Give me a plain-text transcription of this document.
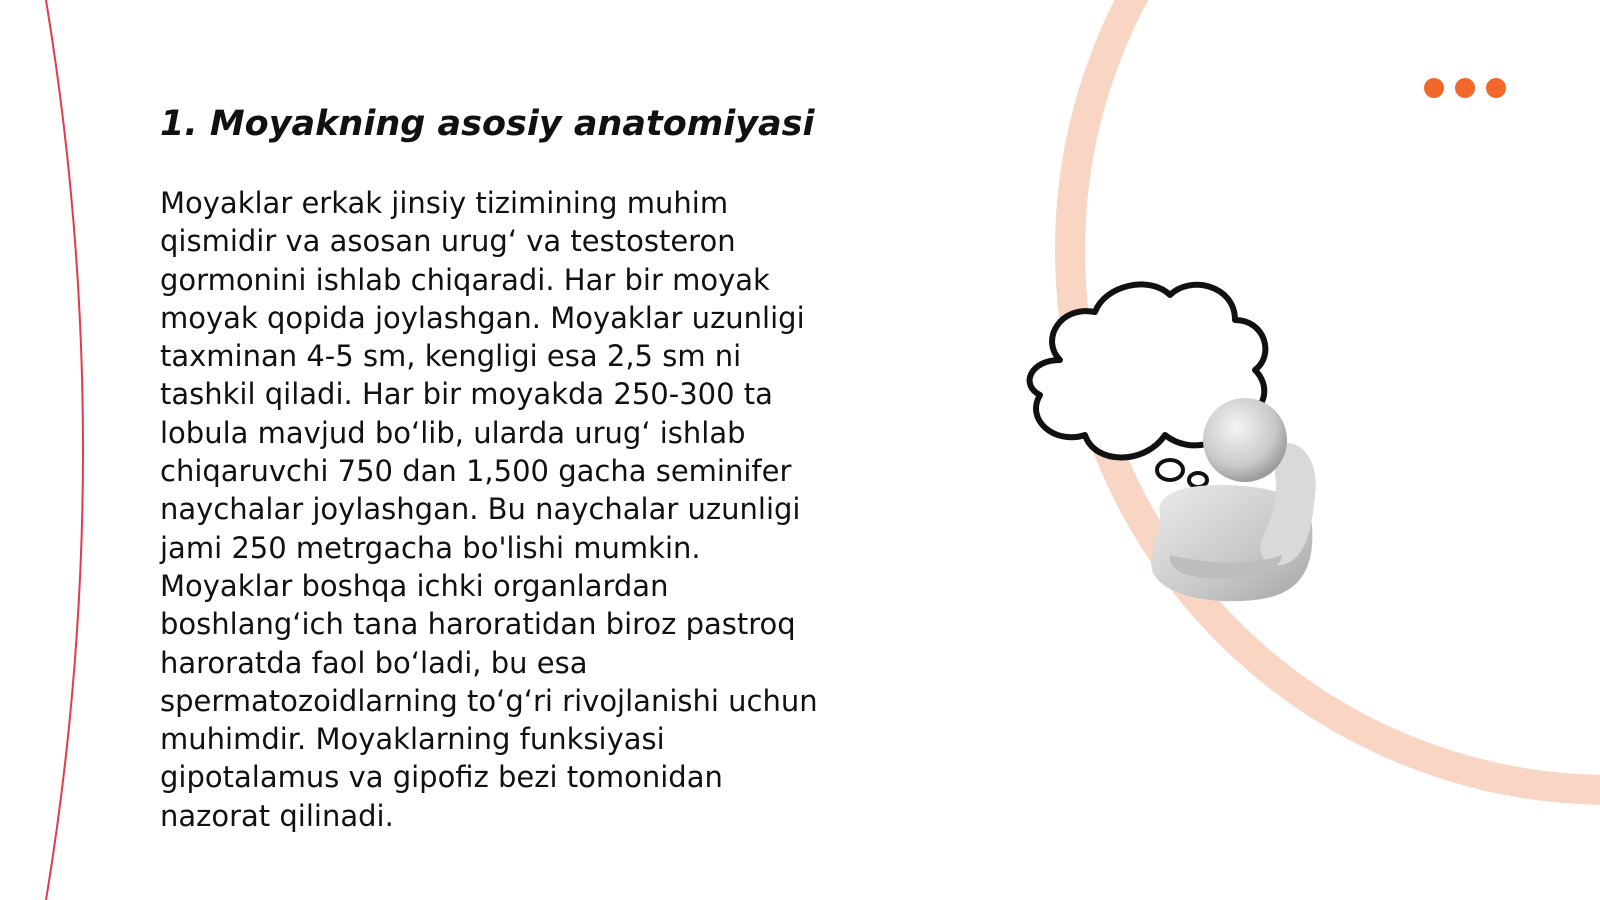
1. Moyakning asosiy anatomiyasi

Moyaklar erkak jinsiy tizimining muhim
qismidir va asosan urug‘ va testosteron
gormonini ishlab chiqaradi. Har bir moyak
moyak qopida joylashgan. Moyaklar uzunligi
taxminan 4-5 sm, kengligi esa 2,5 sm ni
tashkil qiladi. Har bir moyakda 250-300 ta
lobula mavjud bo‘lib, ularda urug‘ ishlab
chiqaruvchi 750 dan 1,500 gacha seminifer
naychalar joylashgan. Bu naychalar uzunligi
jami 250 metrgacha bo'lishi mumkin.
Moyaklar boshqa ichki organlardan
boshlang‘ich tana haroratidan biroz pastroq
haroratda faol bo‘ladi, bu esa
spermatozoidlarning to‘g‘ri rivojlanishi uchun
muhimdir. Moyaklarning funksiyasi
gipotalamus va gipofiz bezi tomonidan
nazorat qilinadi.
